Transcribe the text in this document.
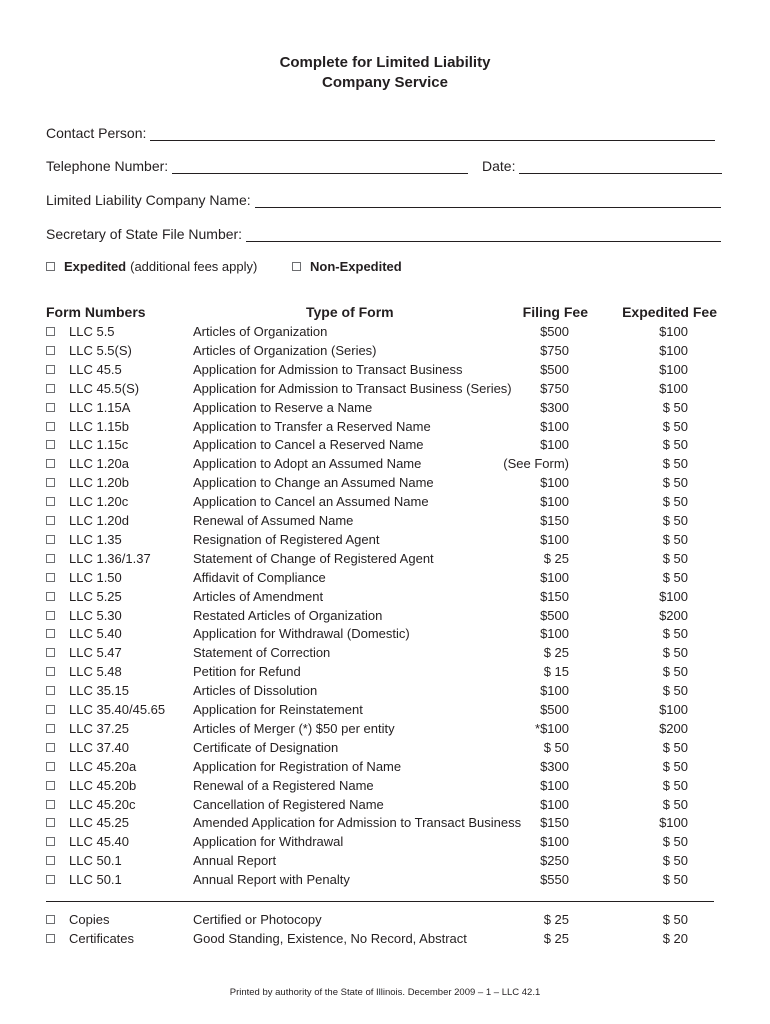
Complete for Limited Liability
Company Service
Contact Person:
Telephone Number:	Date:
Limited Liability Company Name:
Secretary of State File Number:
Expedited (additional fees apply)	Non-Expedited
Form Numbers	Type of Form	Filing Fee Expedited Fee
LLC 5.5	Articles of Organization	$500	$100
LLC 5.5(S)	Articles of Organization (Series)	$750	$100
LLC 45.5	Application for Admission to Transact Business	$500	$100
LLC 45.5(S)	Application for Admission to Transact Business (Series) $750	$100
LLC 1.15A	Application to Reserve a Name	$300	$ 50
LLC 1.15b	Application to Transfer a Reserved Name	$100	$ 50
LLC 1.15c	Application to Cancel a Reserved Name	$100	$ 50
LLC 1.20a	Application to Adopt an Assumed Name	(See Form)	$ 50
LLC 1.20b	Application to Change an Assumed Name	$100	$ 50
LLC 1.20c	Application to Cancel an Assumed Name	$100	$ 50
LLC 1.20d	Renewal of Assumed Name	$150	$ 50
LLC 1.35	Resignation of Registered Agent	$100	$ 50
LLC 1.36/1.37	Statement of Change of Registered Agent	$ 25	$ 50
LLC 1.50	Affidavit of Compliance	$100	$ 50
LLC 5.25	Articles of Amendment	$150	$100
LLC 5.30	Restated Articles of Organization	$500	$200
LLC 5.40	Application for Withdrawal (Domestic)	$100	$ 50
LLC 5.47	Statement of Correction	$ 25	$ 50
LLC 5.48	Petition for Refund	$ 15	$ 50
LLC 35.15	Articles of Dissolution	$100	$ 50
LLC 35.40/45.65 Application for Reinstatement	$500	$100
LLC 37.25	Articles of Merger (*) $50 per entity	*$100	$200
LLC 37.40	Certificate of Designation	$ 50	$ 50
LLC 45.20a	Application for Registration of Name	$300	$ 50
LLC 45.20b	Renewal of a Registered Name	$100	$ 50
LLC 45.20c	Cancellation of Registered Name	$100	$ 50
LLC 45.25	Amended Application for Admission to Transact Business $150	$100
LLC 45.40	Application for Withdrawal	$100	$ 50
LLC 50.1	Annual Report	$250	$ 50
LLC 50.1	Annual Report with Penalty	$550	$ 50
Copies	Certified or Photocopy	$ 25	$ 50
Certificates	Good Standing, Existence, No Record, Abstract	$ 25	$ 20
Printed by authority of the State of Illinois. December 2009 – 1 – LLC 42.1
